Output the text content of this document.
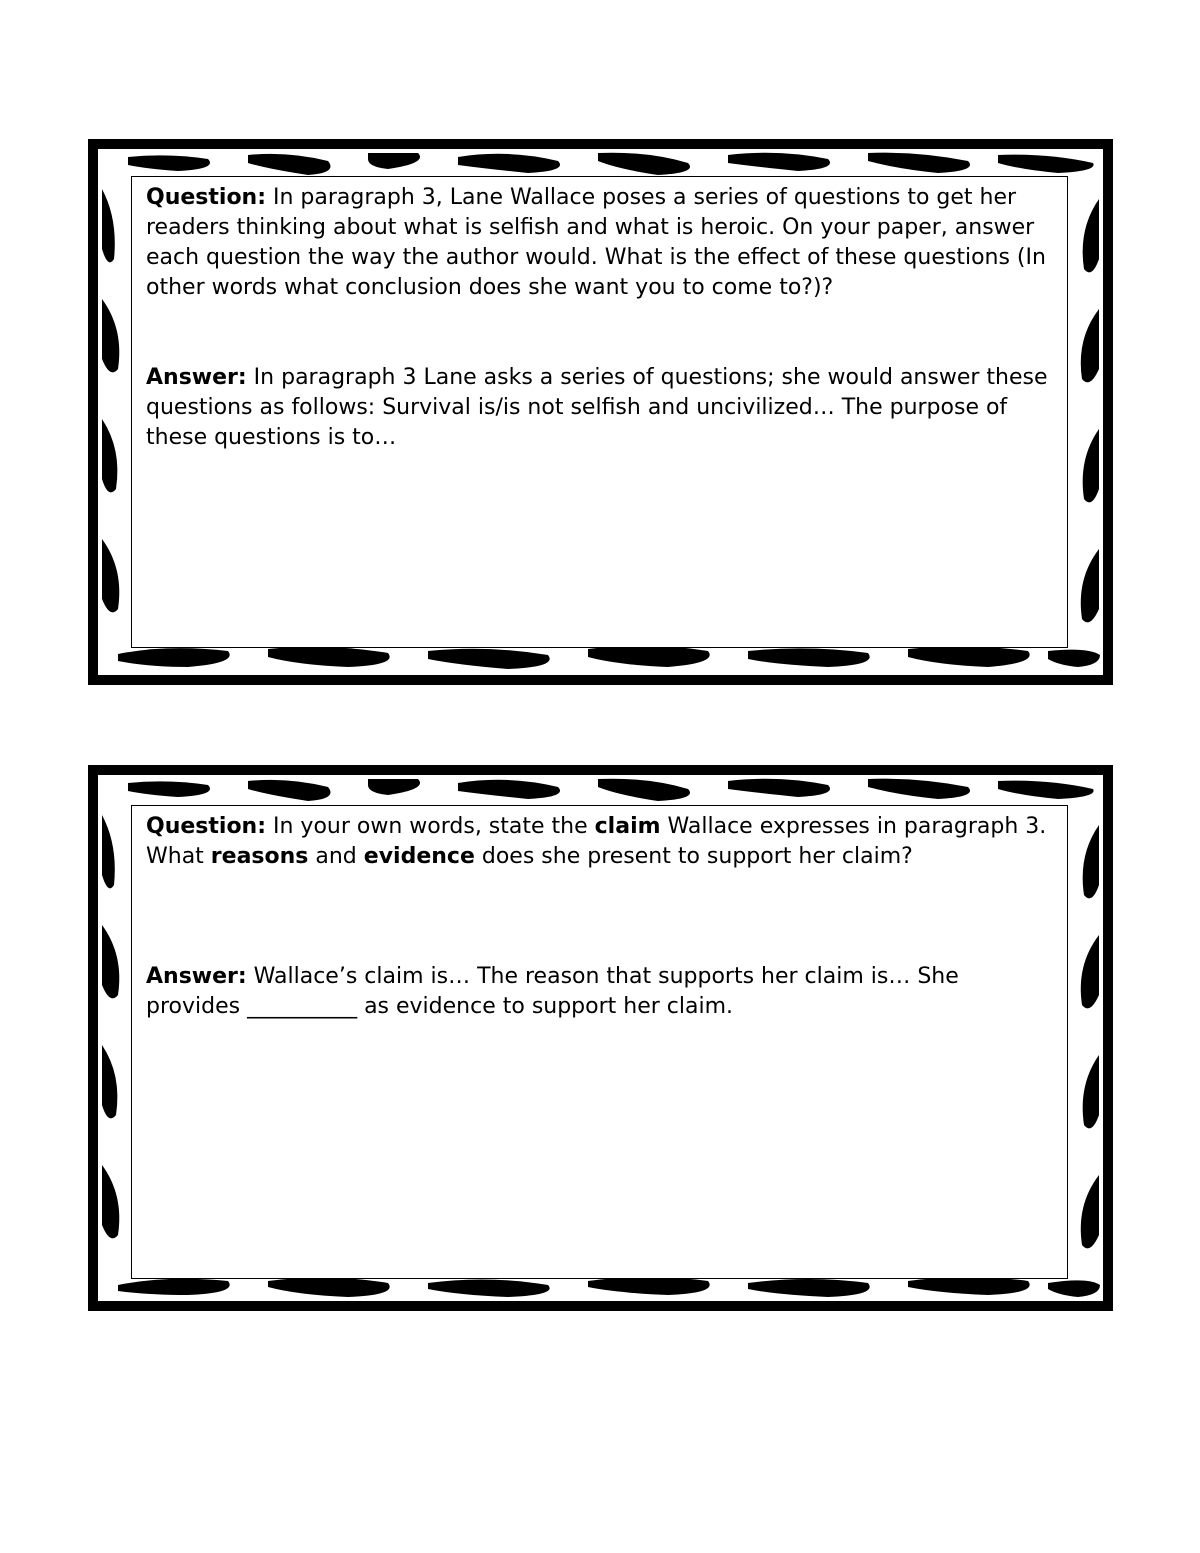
Question: In paragraph 3, Lane Wallace poses a series of questions to get her readers thinking about what is selfish and what is heroic. On your paper, answer each question the way the author would. What is the effect of these questions (In other words what conclusion does she want you to come to?)?

Answer: In paragraph 3 Lane asks a series of questions; she would answer these questions as follows: Survival is/is not selfish and uncivilized… The purpose of these questions is to…

Question: In your own words, state the claim Wallace expresses in paragraph 3. What reasons and evidence does she present to support her claim?

Answer: Wallace’s claim is… The reason that supports her claim is… She provides __________ as evidence to support her claim.
